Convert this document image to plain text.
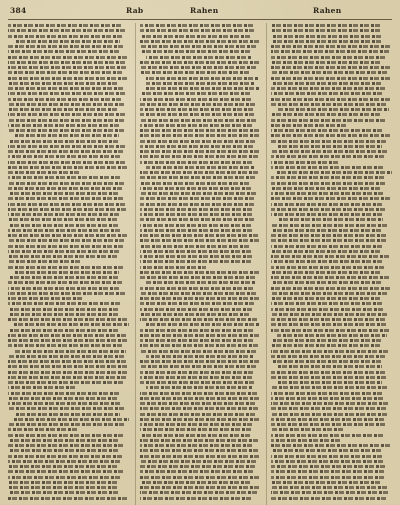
384	Rab	Rahen	Rahen
